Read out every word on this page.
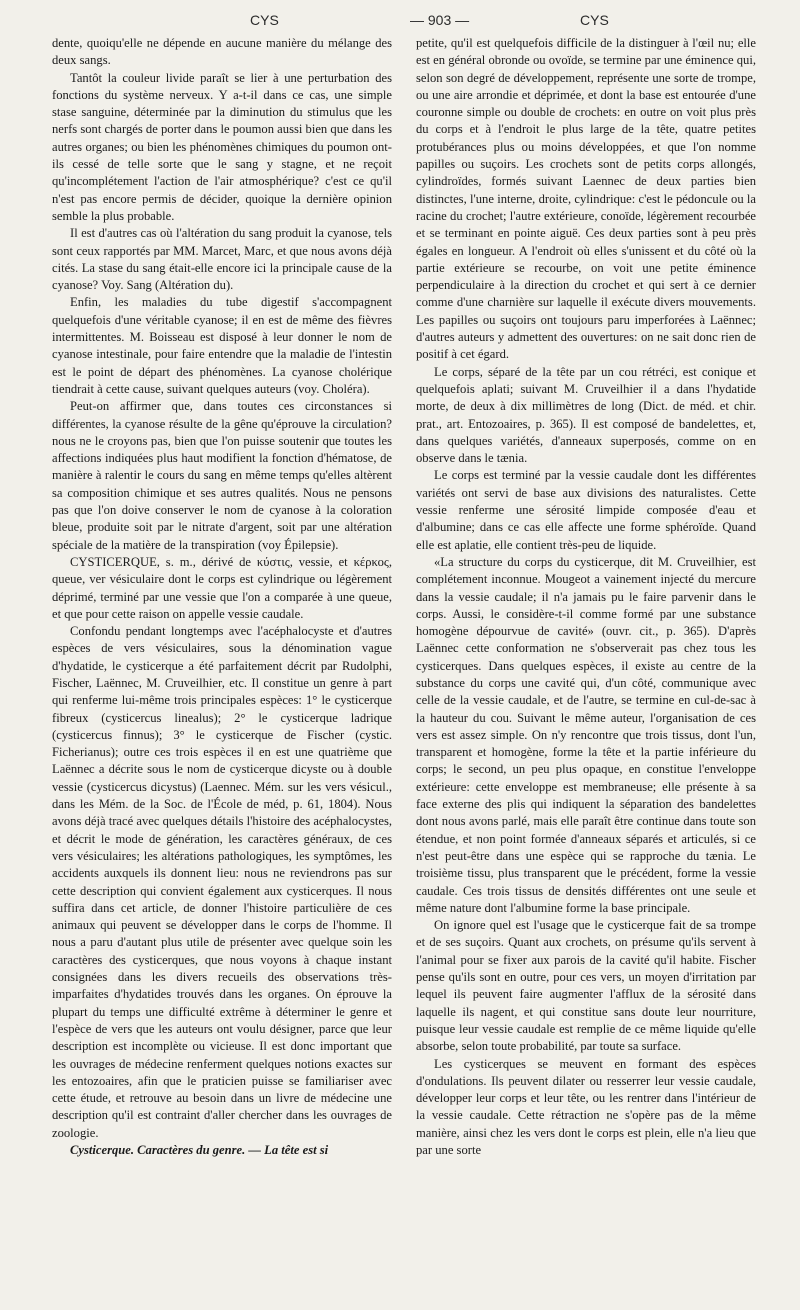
CYS	— 903 —	CYS

dente, quoiqu'elle ne dépende en aucune manière du mélange des deux sangs.

Tantôt la couleur livide paraît se lier à une perturbation des fonctions du système nerveux. Y a-t-il dans ce cas, une simple stase sanguine, déterminée par la diminution du stimulus que les nerfs sont chargés de porter dans le poumon aussi bien que dans les autres organes; ou bien les phénomènes chimiques du poumon ont-ils cessé de telle sorte que le sang y stagne, et ne reçoit qu'incomplétement l'action de l'air atmosphérique? c'est ce qu'il n'est pas encore permis de décider, quoique la dernière opinion semble la plus probable.

Il est d'autres cas où l'altération du sang produit la cyanose, tels sont ceux rapportés par MM. Marcet, Marc, et que nous avons déjà cités. La stase du sang était-elle encore ici la principale cause de la cyanose? Voy. Sang (Altération du).

Enfin, les maladies du tube digestif s'accompagnent quelquefois d'une véritable cyanose; il en est de même des fièvres intermittentes. M. Boisseau est disposé à leur donner le nom de cyanose intestinale, pour faire entendre que la maladie de l'intestin est le point de départ des phénomènes. La cyanose cholérique tiendrait à cette cause, suivant quelques auteurs (voy. Choléra).

Peut-on affirmer que, dans toutes ces circonstances si différentes, la cyanose résulte de la gêne qu'éprouve la circulation? nous ne le croyons pas, bien que l'on puisse soutenir que toutes les affections indiquées plus haut modifient la fonction d'hématose, de manière à ralentir le cours du sang en même temps qu'elles altèrent sa composition chimique et ses autres qualités. Nous ne pensons pas que l'on doive conserver le nom de cyanose à la coloration bleue, produite soit par le nitrate d'argent, soit par une altération spéciale de la matière de la transpiration (voy Épilepsie).

CYSTICERQUE, s. m., dérivé de κύστις, vessie, et κέρκος, queue, ver vésiculaire dont le corps est cylindrique ou légèrement déprimé, terminé par une vessie que l'on a comparée à une queue, et que pour cette raison on appelle vessie caudale.

Confondu pendant longtemps avec l'acéphalocyste et d'autres espèces de vers vésiculaires, sous la dénomination vague d'hydatide, le cysticerque a été parfaitement décrit par Rudolphi, Fischer, Laënnec, M. Cruveilhier, etc. Il constitue un genre à part qui renferme lui-même trois principales espèces: 1° le cysticerque fibreux (cysticercus linealus); 2° le cysticerque ladrique (cysticercus finnus); 3° le cysticerque de Fischer (cystic. Ficherianus); outre ces trois espèces il en est une quatrième que Laënnec a décrite sous le nom de cysticerque dicyste ou à double vessie (cysticercus dicystus) (Laennec. Mém. sur les vers vésicul., dans les Mém. de la Soc. de l'École de méd, p. 61, 1804). Nous avons déjà tracé avec quelques détails l'histoire des acéphalocystes, et décrit le mode de génération, les caractères généraux, de ces vers vésiculaires; les altérations pathologiques, les symptômes, les accidents auxquels ils donnent lieu: nous ne reviendrons pas sur cette description qui convient également aux cysticerques. Il nous suffira dans cet article, de donner l'histoire particulière de ces animaux qui peuvent se développer dans le corps de l'homme. Il nous a paru d'autant plus utile de présenter avec quelque soin les caractères des cysticerques, que nous voyons à chaque instant consignées dans les divers recueils des observations très-imparfaites d'hydatides trouvés dans les organes. On éprouve la plupart du temps une difficulté extrême à déterminer le genre et l'espèce de vers que les auteurs ont voulu désigner, parce que leur description est incomplète ou vicieuse. Il est donc important que les ouvrages de médecine renferment quelques notions exactes sur les entozoaires, afin que le praticien puisse se familiariser avec cette étude, et retrouve au besoin dans un livre de médecine une description qu'il est contraint d'aller chercher dans les ouvrages de zoologie.

Cysticerque. Caractères du genre. — La tête est si

petite, qu'il est quelquefois difficile de la distinguer à l'œil nu; elle est en général obronde ou ovoïde, se termine par une éminence qui, selon son degré de développement, représente une sorte de trompe, ou une aire arrondie et déprimée, et dont la base est entourée d'une couronne simple ou double de crochets: en outre on voit plus près du corps et à l'endroit le plus large de la tête, quatre petites protubérances plus ou moins développées, et que l'on nomme papilles ou suçoirs. Les crochets sont de petits corps allongés, cylindroïdes, formés suivant Laennec de deux parties bien distinctes, l'une interne, droite, cylindrique: c'est le pédoncule ou la racine du crochet; l'autre extérieure, conoïde, légèrement recourbée et se terminant en pointe aiguë. Ces deux parties sont à peu près égales en longueur. A l'endroit où elles s'unissent et du côté où la partie extérieure se recourbe, on voit une petite éminence perpendiculaire à la direction du crochet et qui sert à ce dernier comme d'une charnière sur laquelle il exécute divers mouvements. Les papilles ou suçoirs ont toujours paru imperforées à Laënnec; d'autres auteurs y admettent des ouvertures: on ne sait donc rien de positif à cet égard.

Le corps, séparé de la tête par un cou rétréci, est conique et quelquefois aplati; suivant M. Cruveilhier il a dans l'hydatide morte, de deux à dix millimètres de long (Dict. de méd. et chir. prat., art. Entozoaires, p. 365). Il est composé de bandelettes, et, dans quelques variétés, d'anneaux superposés, comme on en observe dans le tænia.

Le corps est terminé par la vessie caudale dont les différentes variétés ont servi de base aux divisions des naturalistes. Cette vessie renferme une sérosité limpide composée d'eau et d'albumine; dans ce cas elle affecte une forme sphéroïde. Quand elle est aplatie, elle contient très-peu de liquide.

«La structure du corps du cysticerque, dit M. Cruveilhier, est complétement inconnue. Mougeot a vainement injecté du mercure dans la vessie caudale; il n'a jamais pu le faire parvenir dans le corps. Aussi, le considère-t-il comme formé par une substance homogène dépourvue de cavité» (ouvr. cit., p. 365). D'après Laënnec cette conformation ne s'observerait pas chez tous les cysticerques. Dans quelques espèces, il existe au centre de la substance du corps une cavité qui, d'un côté, communique avec celle de la vessie caudale, et de l'autre, se termine en cul-de-sac à la hauteur du cou. Suivant le même auteur, l'organisation de ces vers est assez simple. On n'y rencontre que trois tissus, dont l'un, transparent et homogène, forme la tête et la partie inférieure du corps; le second, un peu plus opaque, en constitue l'enveloppe extérieure: cette enveloppe est membraneuse; elle présente à sa face externe des plis qui indiquent la séparation des bandelettes dont nous avons parlé, mais elle paraît être continue dans toute son étendue, et non point formée d'anneaux séparés et articulés, si ce n'est peut-être dans une espèce qui se rapproche du tænia. Le troisième tissu, plus transparent que le précédent, forme la vessie caudale. Ces trois tissus de densités différentes ont une seule et même nature dont l'albumine forme la base principale.

On ignore quel est l'usage que le cysticerque fait de sa trompe et de ses suçoirs. Quant aux crochets, on présume qu'ils servent à l'animal pour se fixer aux parois de la cavité qu'il habite. Fischer pense qu'ils sont en outre, pour ces vers, un moyen d'irritation par lequel ils peuvent faire augmenter l'afflux de la sérosité dans laquelle ils nagent, et qui constitue sans doute leur nourriture, puisque leur vessie caudale est remplie de ce même liquide qu'elle absorbe, selon toute probabilité, par toute sa surface.

Les cysticerques se meuvent en formant des espèces d'ondulations. Ils peuvent dilater ou resserrer leur vessie caudale, développer leur corps et leur tête, ou les rentrer dans l'intérieur de la vessie caudale. Cette rétraction ne s'opère pas de la même manière, ainsi chez les vers dont le corps est plein, elle n'a lieu que par une sorte
